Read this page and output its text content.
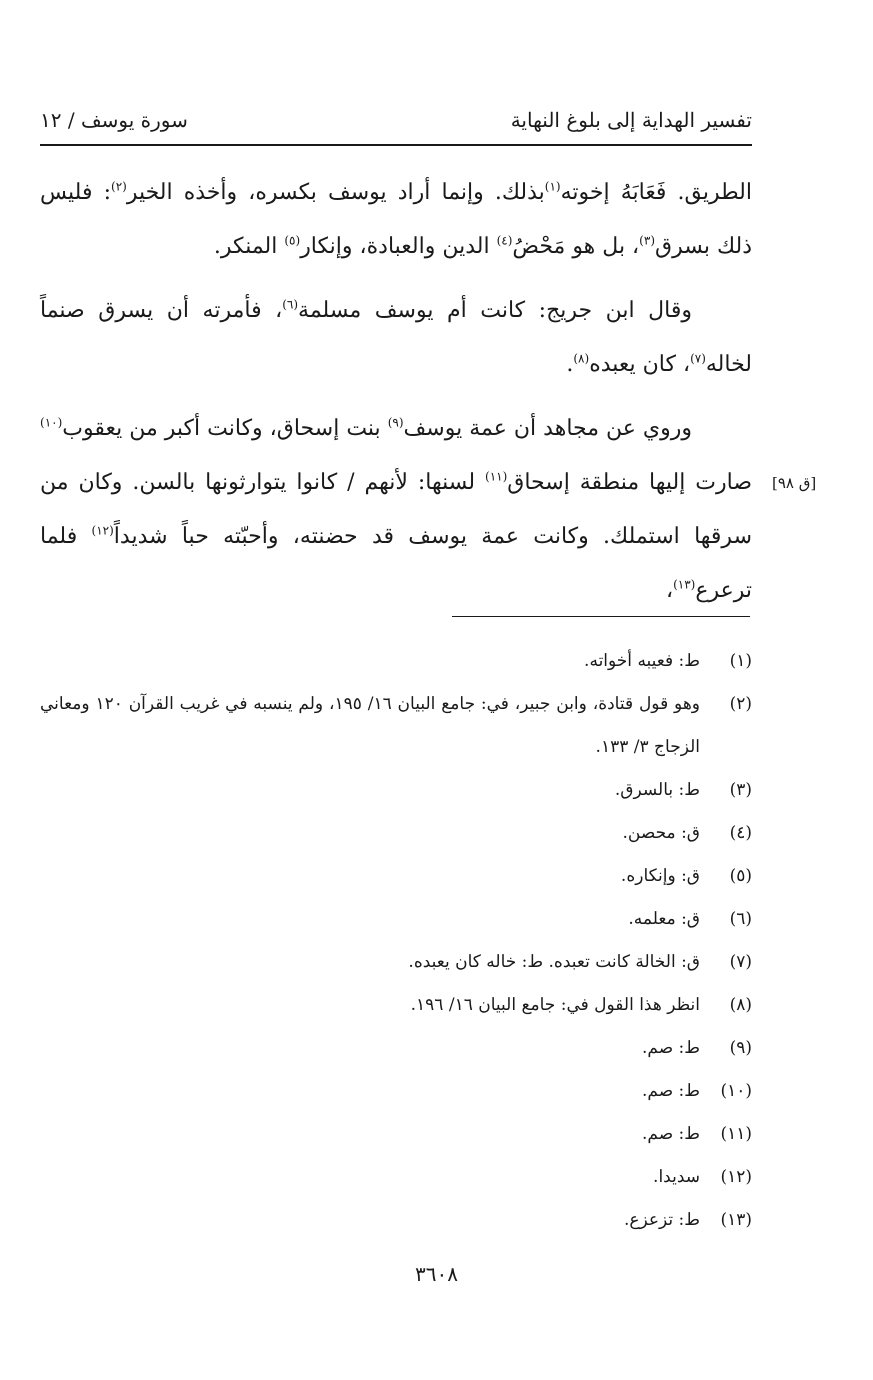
تفسير الهداية إلى بلوغ النهاية
سورة يوسف / ١٢

الطريق. فَعَابَهُ إخوته$^{(١)}$بذلك. وإنما أراد يوسف بكسره، وأخذه الخير$^{(٢)}$: فليس ذلك بسرق$^{(٣)}$، بل هو مَحْضُ$^{(٤)}$ الدين والعبادة، وإنكار$^{(٥)}$ المنكر.

وقال ابن جريج: كانت أم يوسف مسلمة$^{(٦)}$، فأمرته أن يسرق صنماً لخاله$^{(٧)}$، كان يعبده$^{(٨)}$.

وروي عن مجاهد أن عمة يوسف$^{(٩)}$ بنت إسحاق، وكانت أكبر من يعقوب$^{(١٠)}$ صارت إليها منطقة إسحاق$^{(١١)}$ لسنها: لأنهم / كانوا يتوارثونها بالسن. وكان من سرقها استملك. وكانت عمة يوسف قد حضنته، وأحبّته حباً شديداً$^{(١٢)}$ فلما ترعرع$^{(١٣)}$،

[ق ٩٨]
(١)
ط: فعيبه أخواته.
(٢)
وهو قول قتادة، وابن جبير، في: جامع البيان ١٦/ ١٩٥، ولم ينسبه في غريب القرآن ١٢٠ ومعاني الزجاج ٣/ ١٣٣.
(٣)
ط: بالسرق.
(٤)
ق: محصن.
(٥)
ق: وإنكاره.
(٦)
ق: معلمه.
(٧)
ق: الخالة كانت تعبده. ط: خاله كان يعبده.
(٨)
انظر هذا القول في: جامع البيان ١٦/ ١٩٦.
(٩)
ط: صم.
(١٠)
ط: صم.
(١١)
ط: صم.
(١٢)
سديدا.
(١٣)
ط: تزعزع.
٣٦٠٨
